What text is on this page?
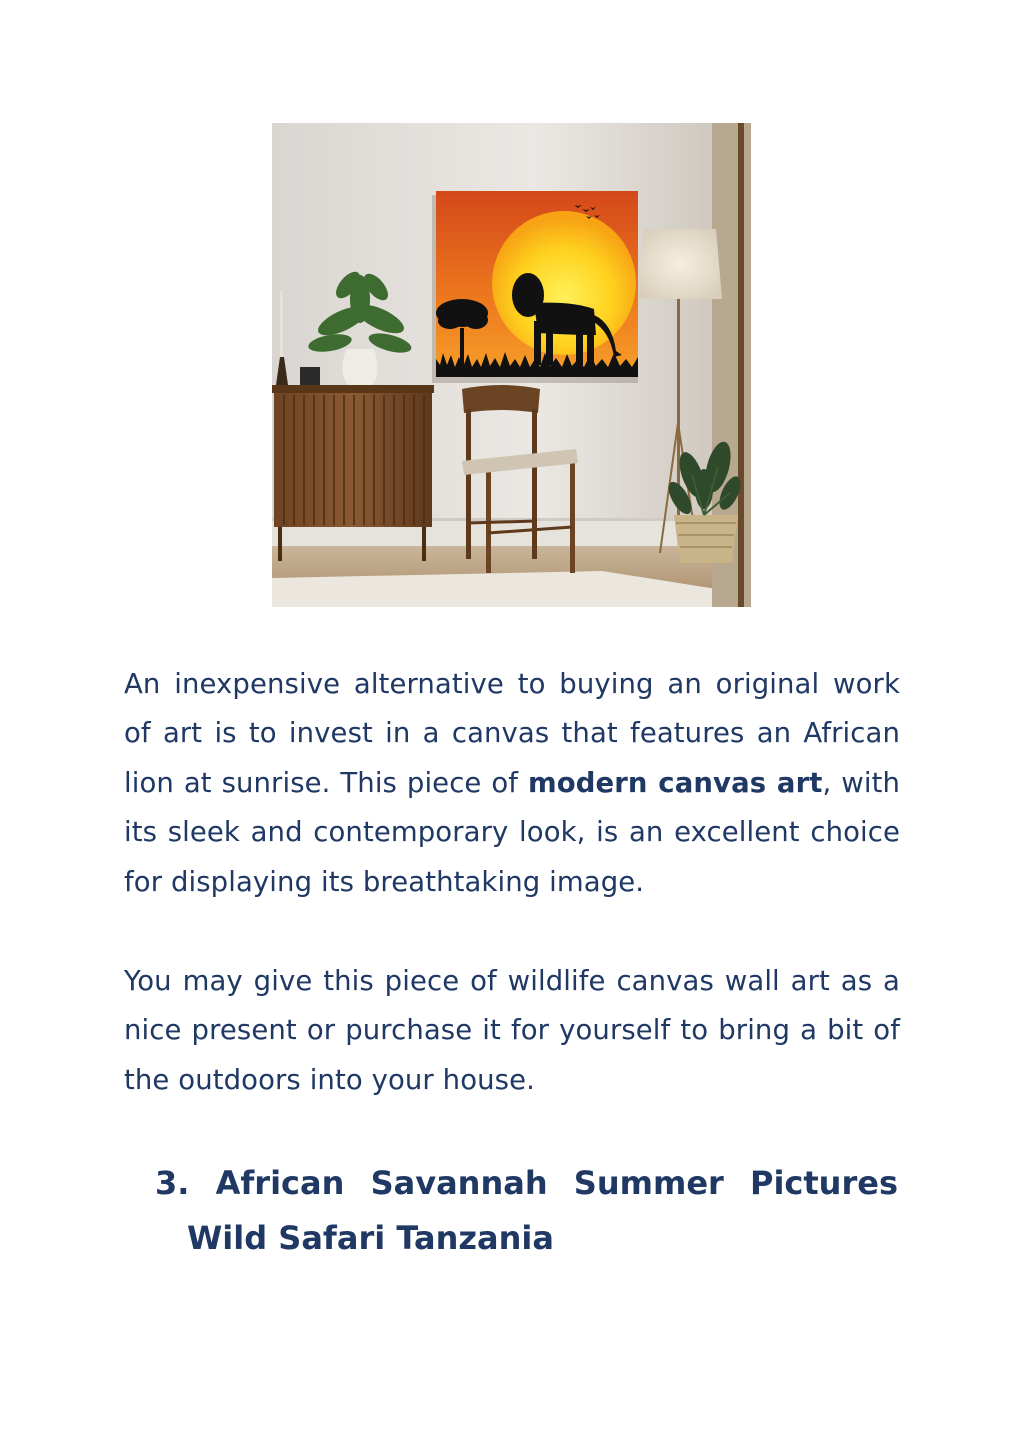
An inexpensive alternative to buying an original work of art is to invest in a canvas that features an African lion at sunrise. This piece of modern canvas art, with its sleek and contemporary look, is an excellent choice for displaying its breathtaking image.

You may give this piece of wildlife canvas wall art as a nice present or purchase it for yourself to bring a bit of the outdoors into your house.

3. African Savannah Summer Pictures
Wild Safari Tanzania
